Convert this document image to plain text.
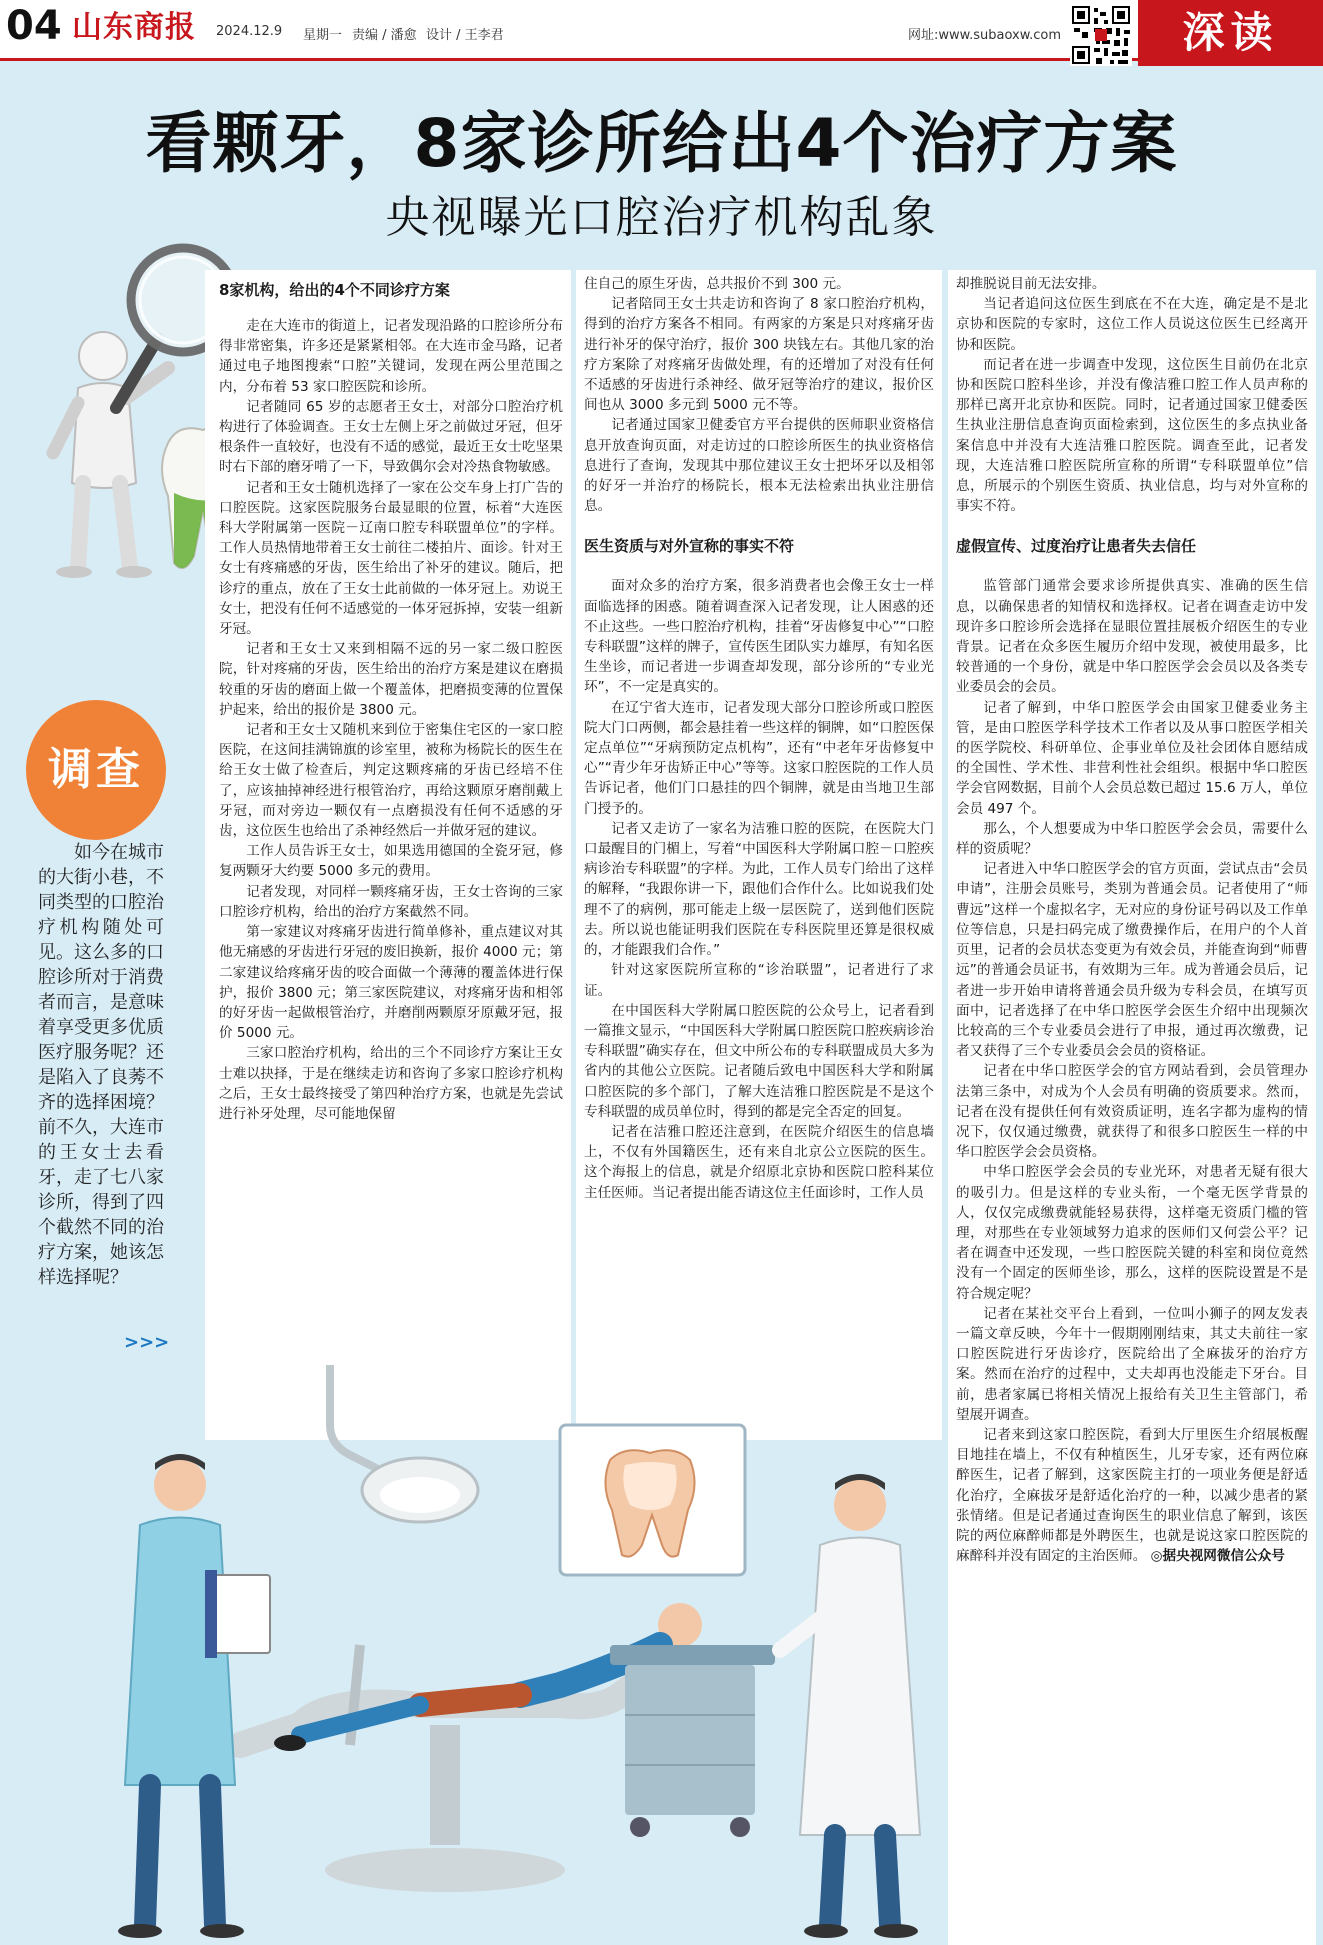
04 山东商报 2024.12.9 星期一 责编 / 潘愈 设计 / 王李君	网址:www.subaoxw.com	深读
看颗牙，8家诊所给出4个治疗方案
央视曝光口腔治疗机构乱象
调查
如今在城市的大街小巷，不同类型的口腔治疗机构随处可见。这么多的口腔诊所对于消费者而言，是意味着享受更多优质医疗服务呢？还是陷入了良莠不齐的选择困境？前不久，大连市的王女士去看牙，走了七八家诊所，得到了四个截然不同的治疗方案，她该怎样选择呢？
>>>
8家机构，给出的4个不同诊疗方案

走在大连市的街道上，记者发现沿路的口腔诊所分布得非常密集，许多还是紧紧相邻。在大连市金马路，记者通过电子地图搜索“口腔”关键词，发现在两公里范围之内，分布着 53 家口腔医院和诊所。

记者随同 65 岁的志愿者王女士，对部分口腔治疗机构进行了体验调查。王女士左侧上牙之前做过牙冠，但牙根条件一直较好，也没有不适的感觉，最近王女士吃坚果时右下部的磨牙啃了一下，导致偶尔会对冷热食物敏感。

记者和王女士随机选择了一家在公交车身上打广告的口腔医院。这家医院服务台最显眼的位置，标着“大连医科大学附属第一医院－辽南口腔专科联盟单位”的字样。工作人员热情地带着王女士前往二楼拍片、面诊。针对王女士有疼痛感的牙齿，医生给出了补牙的建议。随后，把诊疗的重点，放在了王女士此前做的一体牙冠上。劝说王女士，把没有任何不适感觉的一体牙冠拆掉，安装一组新牙冠。

记者和王女士又来到相隔不远的另一家二级口腔医院，针对疼痛的牙齿，医生给出的治疗方案是建议在磨损较重的牙齿的磨面上做一个覆盖体，把磨损变薄的位置保护起来，给出的报价是 3800 元。

记者和王女士又随机来到位于密集住宅区的一家口腔医院，在这间挂满锦旗的诊室里，被称为杨院长的医生在给王女士做了检查后，判定这颗疼痛的牙齿已经培不住了，应该抽掉神经进行根管治疗，再给这颗原牙磨削戴上牙冠，而对旁边一颗仅有一点磨损没有任何不适感的牙齿，这位医生也给出了杀神经然后一并做牙冠的建议。

工作人员告诉王女士，如果选用德国的全瓷牙冠，修复两颗牙大约要 5000 多元的费用。

记者发现，对同样一颗疼痛牙齿，王女士咨询的三家口腔诊疗机构，给出的治疗方案截然不同。

第一家建议对疼痛牙齿进行简单修补，重点建议对其他无痛感的牙齿进行牙冠的废旧换新，报价 4000 元；第二家建议给疼痛牙齿的咬合面做一个薄薄的覆盖体进行保护，报价 3800 元；第三家医院建议，对疼痛牙齿和相邻的好牙齿一起做根管治疗，并磨削两颗原牙原戴牙冠，报价 5000 元。

三家口腔治疗机构，给出的三个不同诊疗方案让王女士难以抉择，于是在继续走访和咨询了多家口腔诊疗机构之后，王女士最终接受了第四种治疗方案，也就是先尝试进行补牙处理，尽可能地保留

住自己的原生牙齿，总共报价不到 300 元。

记者陪同王女士共走访和咨询了 8 家口腔治疗机构，得到的治疗方案各不相同。有两家的方案是只对疼痛牙齿进行补牙的保守治疗，报价 300 块钱左右。其他几家的治疗方案除了对疼痛牙齿做处理，有的还增加了对没有任何不适感的牙齿进行杀神经、做牙冠等治疗的建议，报价区间也从 3000 多元到 5000 元不等。

记者通过国家卫健委官方平台提供的医师职业资格信息开放查询页面，对走访过的口腔诊所医生的执业资格信息进行了查询，发现其中那位建议王女士把坏牙以及相邻的好牙一并治疗的杨院长，根本无法检索出执业注册信息。

医生资质与对外宣称的事实不符

面对众多的治疗方案，很多消费者也会像王女士一样面临选择的困惑。随着调查深入记者发现，让人困惑的还不止这些。一些口腔治疗机构，挂着“牙齿修复中心”“口腔专科联盟”这样的牌子，宣传医生团队实力雄厚，有知名医生坐诊，而记者进一步调查却发现，部分诊所的“专业光环”，不一定是真实的。

在辽宁省大连市，记者发现大部分口腔诊所或口腔医院大门口两侧，都会悬挂着一些这样的铜牌，如“口腔医保定点单位”“牙病预防定点机构”，还有“中老年牙齿修复中心”“青少年牙齿矫正中心”等等。这家口腔医院的工作人员告诉记者，他们门口悬挂的四个铜牌，就是由当地卫生部门授予的。

记者又走访了一家名为洁雅口腔的医院，在医院大门口最醒目的门楣上，写着“中国医科大学附属口腔－口腔疾病诊治专科联盟”的字样。为此，工作人员专门给出了这样的解释，“我跟你讲一下，跟他们合作什么。比如说我们处理不了的病例，那可能走上级一层医院了，送到他们医院去。所以说也能证明我们医院在专科医院里还算是很权威的，才能跟我们合作。”

针对这家医院所宣称的“诊治联盟”，记者进行了求证。

在中国医科大学附属口腔医院的公众号上，记者看到一篇推文显示，“中国医科大学附属口腔医院口腔疾病诊治专科联盟”确实存在，但文中所公布的专科联盟成员大多为省内的其他公立医院。记者随后致电中国医科大学和附属口腔医院的多个部门，了解大连洁雅口腔医院是不是这个专科联盟的成员单位时，得到的都是完全否定的回复。

记者在洁雅口腔还注意到，在医院介绍医生的信息墙上，不仅有外国籍医生，还有来自北京公立医院的医生。这个海报上的信息，就是介绍原北京协和医院口腔科某位主任医师。当记者提出能否请这位主任面诊时，工作人员

却推脱说目前无法安排。

当记者追问这位医生到底在不在大连，确定是不是北京协和医院的专家时，这位工作人员说这位医生已经离开协和医院。

而记者在进一步调查中发现，这位医生目前仍在北京协和医院口腔科坐诊，并没有像洁雅口腔工作人员声称的那样已离开北京协和医院。同时，记者通过国家卫健委医生执业注册信息查询页面检索到，这位医生的多点执业备案信息中并没有大连洁雅口腔医院。调查至此，记者发现，大连洁雅口腔医院所宣称的所谓“专科联盟单位”信息，所展示的个别医生资质、执业信息，均与对外宣称的事实不符。

虚假宣传、过度治疗让患者失去信任

监管部门通常会要求诊所提供真实、准确的医生信息，以确保患者的知情权和选择权。记者在调查走访中发现许多口腔诊所会选择在显眼位置挂展板介绍医生的专业背景。记者在众多医生履历介绍中发现，被使用最多，比较普通的一个身份，就是中华口腔医学会会员以及各类专业委员会的会员。

记者了解到，中华口腔医学会由国家卫健委业务主管，是由口腔医学科学技术工作者以及从事口腔医学相关的医学院校、科研单位、企事业单位及社会团体自愿结成的全国性、学术性、非营利性社会组织。根据中华口腔医学会官网数据，目前个人会员总数已超过 15.6 万人，单位会员 497 个。

那么，个人想要成为中华口腔医学会会员，需要什么样的资质呢？

记者进入中华口腔医学会的官方页面，尝试点击“会员申请”，注册会员账号，类别为普通会员。记者使用了“师曹远”这样一个虚拟名字，无对应的身份证号码以及工作单位等信息，只是扫码完成了缴费操作后，在用户的个人首页里，记者的会员状态变更为有效会员，并能查询到“师曹远”的普通会员证书，有效期为三年。成为普通会员后，记者进一步开始申请将普通会员升级为专科会员，在填写页面中，记者选择了在中华口腔医学会医生介绍中出现频次比较高的三个专业委员会进行了申报，通过再次缴费，记者又获得了三个专业委员会会员的资格证。

记者在中华口腔医学会的官方网站看到，会员管理办法第三条中，对成为个人会员有明确的资质要求。然而，记者在没有提供任何有效资质证明，连名字都为虚构的情况下，仅仅通过缴费，就获得了和很多口腔医生一样的中华口腔医学会会员资格。

中华口腔医学会会员的专业光环，对患者无疑有很大的吸引力。但是这样的专业头衔，一个毫无医学背景的人，仅仅完成缴费就能轻易获得，这样毫无资质门槛的管理，对那些在专业领域努力追求的医师们又何尝公平？记者在调查中还发现，一些口腔医院关键的科室和岗位竟然没有一个固定的医师坐诊，那么，这样的医院设置是不是符合规定呢？

记者在某社交平台上看到，一位叫小狮子的网友发表一篇文章反映，今年十一假期刚刚结束，其丈夫前往一家口腔医院进行牙齿诊疗，医院给出了全麻拔牙的治疗方案。然而在治疗的过程中，丈夫却再也没能走下牙台。目前，患者家属已将相关情况上报给有关卫生主管部门，希望展开调查。

记者来到这家口腔医院，看到大厅里医生介绍展板醒目地挂在墙上，不仅有种植医生，儿牙专家，还有两位麻醉医生，记者了解到，这家医院主打的一项业务便是舒适化治疗，全麻拔牙是舒适化治疗的一种，以减少患者的紧张情绪。但是记者通过查询医生的职业信息了解到，该医院的两位麻醉师都是外聘医生，也就是说这家口腔医院的麻醉科并没有固定的主治医师。 ◎据央视网微信公众号
